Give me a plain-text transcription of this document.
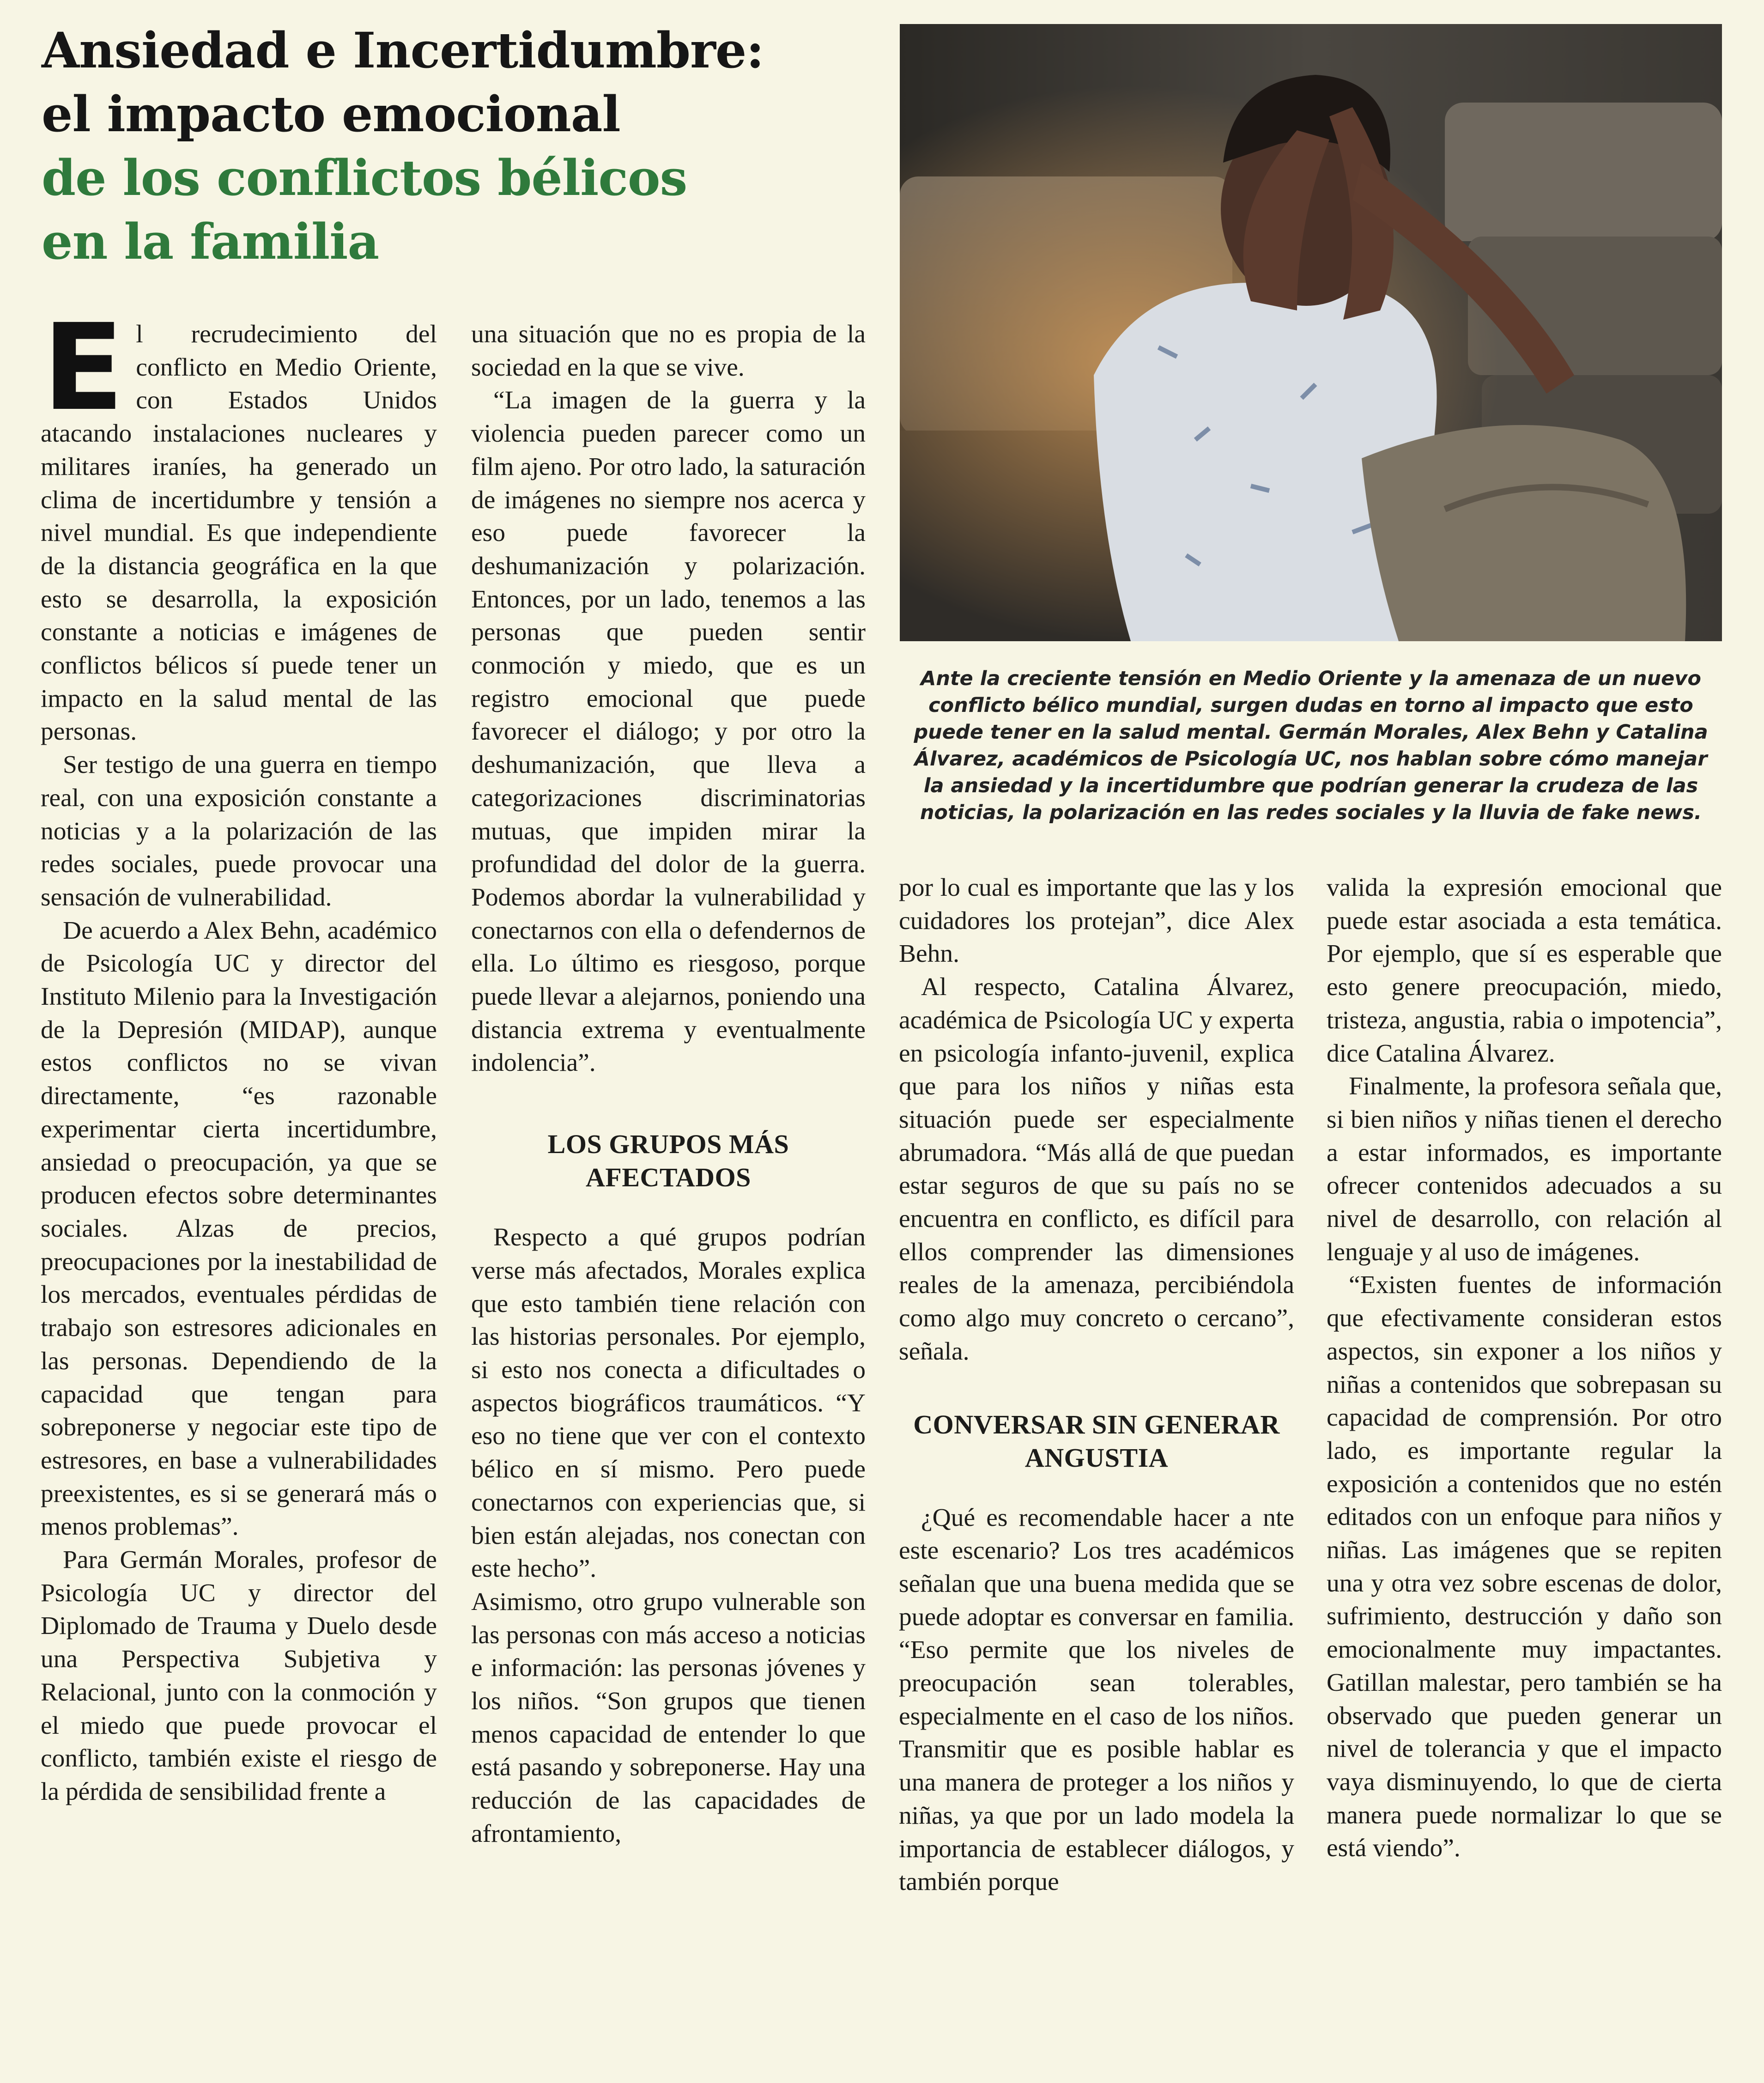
Ansiedad e Incertidumbre:
el impacto emocional
de los conflictos bélicos
en la familia

Ante la creciente tensión en Medio Oriente y la amenaza de un nuevo conflicto bélico mundial, surgen dudas en torno al impacto que esto puede tener en la salud mental. Germán Morales, Alex Behn y Catalina Álvarez, académicos de Psicología UC, nos hablan sobre cómo manejar la ansiedad y la incertidumbre que podrían generar la crudeza de las noticias, la polarización en las redes sociales y la lluvia de fake news.

El recrudecimiento del conflicto en Medio Oriente, con Estados Unidos atacando instalaciones nucleares y militares iraníes, ha generado un clima de incertidumbre y tensión a nivel mundial. Es que independiente de la distancia geográfica en la que esto se desarrolla, la exposición constante a noticias e imágenes de conflictos bélicos sí puede tener un impacto en la salud mental de las personas.

Ser testigo de una guerra en tiempo real, con una exposición constante a noticias y a la polarización de las redes sociales, puede provocar una sensación de vulnerabilidad.

De acuerdo a Alex Behn, académico de Psicología UC y director del Instituto Milenio para la Investigación de la Depresión (MIDAP), aunque estos conflictos no se vivan directamente, “es razonable experimentar cierta incertidumbre, ansiedad o preocupación, ya que se producen efectos sobre determinantes sociales. Alzas de precios, preocupaciones por la inestabilidad de los mercados, eventuales pérdidas de trabajo son estresores adicionales en las personas. Dependiendo de la capacidad que tengan para sobreponerse y negociar este tipo de estresores, en base a vulnerabilidades preexistentes, es si se generará más o menos problemas”.

Para Germán Morales, profesor de Psicología UC y director del Diplomado de Trauma y Duelo desde una Perspectiva Subjetiva y Relacional, junto con la conmoción y el miedo que puede provocar el conflicto, también existe el riesgo de la pérdida de sensibilidad frente a

una situación que no es propia de la sociedad en la que se vive.

“La imagen de la guerra y la violencia pueden parecer como un film ajeno. Por otro lado, la saturación de imágenes no siempre nos acerca y eso puede favorecer la deshumanización y polarización. Entonces, por un lado, tenemos a las personas que pueden sentir conmoción y miedo, que es un registro emocional que puede favorecer el diálogo; y por otro la deshumanización, que lleva a categorizaciones discriminatorias mutuas, que impiden mirar la profundidad del dolor de la guerra. Podemos abordar la vulnerabilidad y conectarnos con ella o defendernos de ella. Lo último es riesgoso, porque puede llevar a alejarnos, poniendo una distancia extrema y eventualmente indolencia”.

LOS GRUPOS MÁS AFECTADOS

Respecto a qué grupos podrían verse más afectados, Morales explica que esto también tiene relación con las historias personales. Por ejemplo, si esto nos conecta a dificultades o aspectos biográficos traumáticos. “Y eso no tiene que ver con el contexto bélico en sí mismo. Pero puede conectarnos con experiencias que, si bien están alejadas, nos conectan con este hecho”.

Asimismo, otro grupo vulnerable son las personas con más acceso a noticias e información: las personas jóvenes y los niños. “Son grupos que tienen menos capacidad de entender lo que está pasando y sobreponerse. Hay una reducción de las capacidades de afrontamiento,

por lo cual es importante que las y los cuidadores los protejan”, dice Alex Behn.

Al respecto, Catalina Álvarez, académica de Psicología UC y experta en psicología infanto-juvenil, explica que para los niños y niñas esta situación puede ser especialmente abrumadora. “Más allá de que puedan estar seguros de que su país no se encuentra en conflicto, es difícil para ellos comprender las dimensiones reales de la amenaza, percibiéndola como algo muy concreto o cercano”, señala.

CONVERSAR SIN GENERAR ANGUSTIA

¿Qué es recomendable hacer a nte este escenario? Los tres académicos señalan que una buena medida que se puede adoptar es conversar en familia. “Eso permite que los niveles de preocupación sean tolerables, especialmente en el caso de los niños. Transmitir que es posible hablar es una manera de proteger a los niños y niñas, ya que por un lado modela la importancia de establecer diálogos, y también porque

valida la expresión emocional que puede estar asociada a esta temática. Por ejemplo, que sí es esperable que esto genere preocupación, miedo, tristeza, angustia, rabia o impotencia”, dice Catalina Álvarez.

Finalmente, la profesora señala que, si bien niños y niñas tienen el derecho a estar informados, es importante ofrecer contenidos adecuados a su nivel de desarrollo, con relación al lenguaje y al uso de imágenes.

“Existen fuentes de información que efectivamente consideran estos aspectos, sin exponer a los niños y niñas a contenidos que sobrepasan su capacidad de comprensión. Por otro lado, es importante regular la exposición a contenidos que no estén editados con un enfoque para niños y niñas. Las imágenes que se repiten una y otra vez sobre escenas de dolor, sufrimiento, destrucción y daño son emocionalmente muy impactantes. Gatillan malestar, pero también se ha observado que pueden generar un nivel de tolerancia y que el impacto vaya disminuyendo, lo que de cierta manera puede normalizar lo que se está viendo”.
